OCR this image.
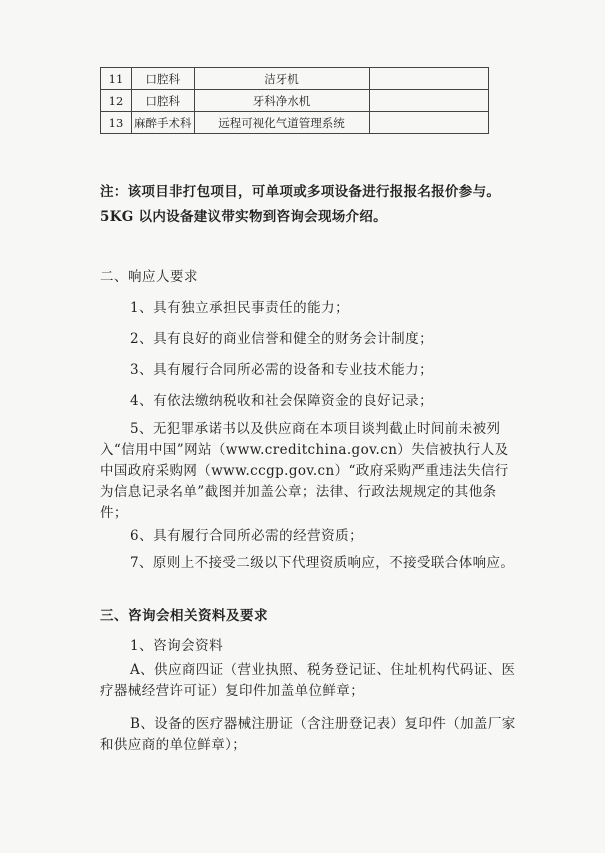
11	口腔科	洁牙机	
12	口腔科	牙科净水机	
13	麻醉手术科	远程可视化气道管理系统	
注：该项目非打包项目，可单项或多项设备进行报报名报价参与。5KG 以内设备建议带实物到咨询会现场介绍。
二、响应人要求
1、具有独立承担民事责任的能力；
2、具有良好的商业信誉和健全的财务会计制度；
3、具有履行合同所必需的设备和专业技术能力；
4、有依法缴纳税收和社会保障资金的良好记录；
5、无犯罪承诺书以及供应商在本项目谈判截止时间前未被列入“信用中国”网站（www.creditchina.gov.cn）失信被执行人及中国政府采购网（www.ccgp.gov.cn）“政府采购严重违法失信行为信息记录名单”截图并加盖公章；法律、行政法规规定的其他条件；
6、具有履行合同所必需的经营资质；
7、原则上不接受二级以下代理资质响应，不接受联合体响应。
三、咨询会相关资料及要求
1、咨询会资料
A、供应商四证（营业执照、税务登记证、住址机构代码证、医疗器械经营许可证）复印件加盖单位鲜章；
B、设备的医疗器械注册证（含注册登记表）复印件（加盖厂家和供应商的单位鲜章）；
